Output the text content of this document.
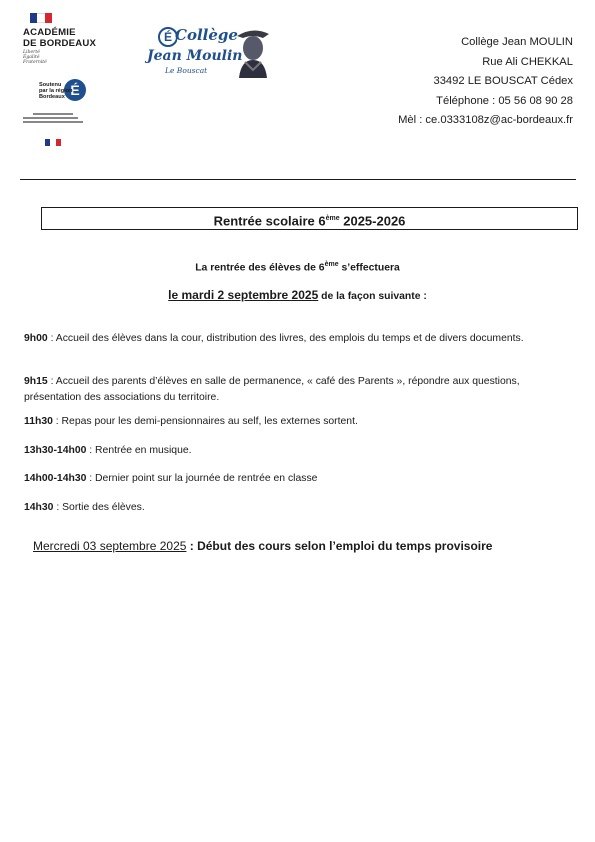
ACADÉMIE
DE BORDEAUX
Liberté
Égalité
Fraternité
É
Soutenu
par la région
Bordeaux
É Collège
Jean Moulin
Le Bouscat
Collège Jean MOULIN
Rue Ali CHEKKAL
33492 LE BOUSCAT Cédex
Téléphone : 05 56 08 90 28
Mèl : ce.0333108z@ac-bordeaux.fr
Rentrée scolaire 6ème 2025-2026
La rentrée des élèves de 6ème s’effectuera
le mardi 2 septembre 2025 de la façon suivante :
9h00 : Accueil des élèves dans la cour, distribution des livres, des emplois du temps et de divers documents.
9h15 : Accueil des parents d’élèves en salle de permanence, « café des Parents », répondre aux questions, présentation des associations du territoire.
11h30 : Repas pour les demi-pensionnaires au self, les externes sortent.
13h30-14h00 : Rentrée en musique.
14h00-14h30 : Dernier point sur la journée de rentrée en classe
14h30 : Sortie des élèves.
Mercredi 03 septembre 2025 : Début des cours selon l’emploi du temps provisoire
